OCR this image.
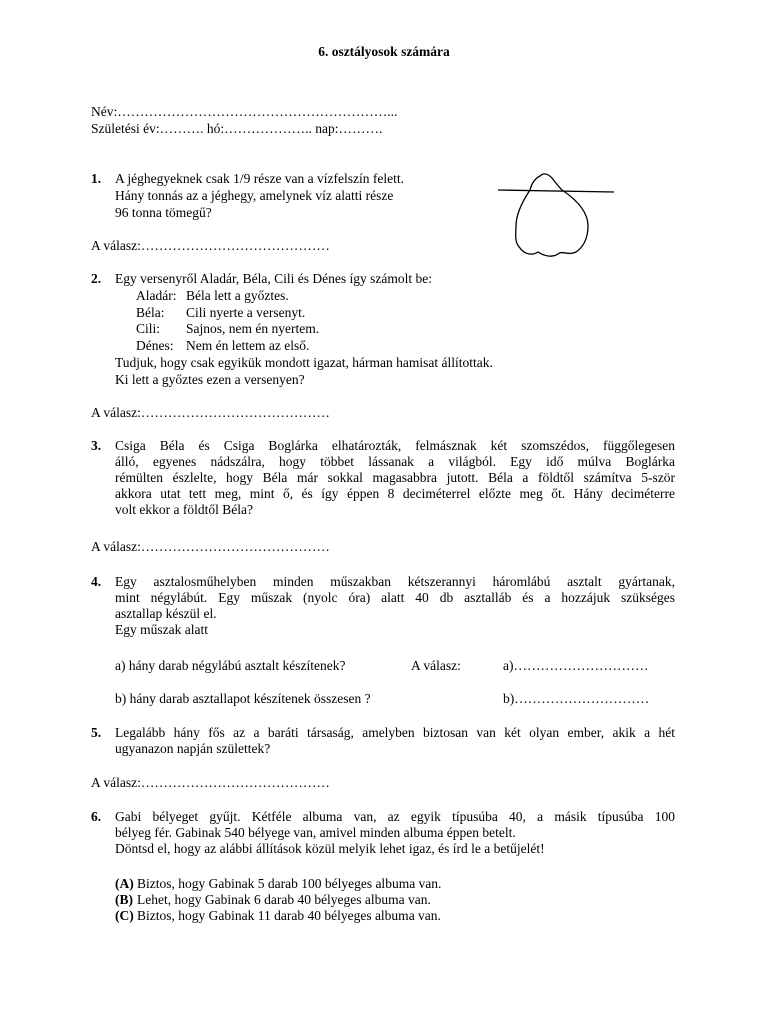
6. osztályosok számára
Név:……………………………………………………...
Születési év:………. hó:……………….. nap:……….
1. A jéghegyeknek csak 1/9 része van a vízfelszín felett.
Hány tonnás az a jéghegy, amelynek víz alatti része
96 tonna tömegű?
A válasz:……………………………………
2. Egy versenyről Aladár, Béla, Cili és Dénes így számolt be:
Aladár: Béla lett a győztes.
Béla: Cili nyerte a versenyt.
Cili: Sajnos, nem én nyertem.
Dénes: Nem én lettem az első.
Tudjuk, hogy csak egyikük mondott igazat, hárman hamisat állítottak.
Ki lett a győztes ezen a versenyen?
A válasz:……………………………………
3. Csiga Béla és Csiga Boglárka elhatározták, felmásznak két szomszédos, függőlegesen
álló, egyenes nádszálra, hogy többet lássanak a világból. Egy idő múlva Boglárka
rémülten észlelte, hogy Béla már sokkal magasabbra jutott. Béla a földtől számítva 5-ször
akkora utat tett meg, mint ő, és így éppen 8 deciméterrel előzte meg őt. Hány deciméterre
volt ekkor a földtől Béla?
A válasz:……………………………………
4. Egy asztalosműhelyben minden műszakban kétszerannyi háromlábú asztalt gyártanak,
mint négylábút. Egy műszak (nyolc óra) alatt 40 db asztalláb és a hozzájuk szükséges
asztallap készül el.
Egy műszak alatt
a) hány darab négylábú asztalt készítenek?	A válasz:	a)…………………………
b) hány darab asztallapot készítenek összesen ?	b)…………………………
5. Legalább hány fős az a baráti társaság, amelyben biztosan van két olyan ember, akik a hét
ugyanazon napján születtek?
A válasz:……………………………………
6. Gabi bélyeget gyűjt. Kétféle albuma van, az egyik típusúba 40, a másik típusúba 100
bélyeg fér. Gabinak 540 bélyege van, amivel minden albuma éppen betelt.
Döntsd el, hogy az alábbi állítások közül melyik lehet igaz, és írd le a betűjelét!
(A) Biztos, hogy Gabinak 5 darab 100 bélyeges albuma van.
(B) Lehet, hogy Gabinak 6 darab 40 bélyeges albuma van.
(C) Biztos, hogy Gabinak 11 darab 40 bélyeges albuma van.
